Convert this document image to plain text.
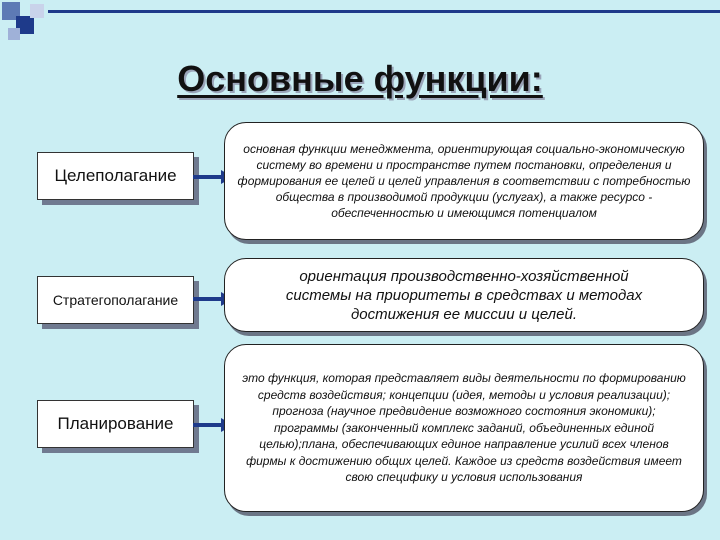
Основные функции:
Целеполагание
основная функции менеджмента, ориентирующая социально-экономическую систему во времени и пространстве путем постановки, определения и формирования ее целей и целей управления в соответствии с потребностью общества в производимой продукции (услугах), а также ресурсо - обеспеченностью и имеющимся потенциалом
Стратегополагание
ориентация производственно-хозяйственной системы на приоритеты в средствах и методах достижения ее миссии и целей.
Планирование
это функция, которая представляет виды деятельности по формированию средств воздействия; концепции (идея, методы и условия реализации); прогноза (научное предвидение возможного состояния экономики); программы (законченный комплекс заданий, объединенных единой целью);плана, обеспечивающих единое направление усилий всех членов фирмы к достижению общих целей. Каждое из средств воздействия имеет свою специфику и условия использования
